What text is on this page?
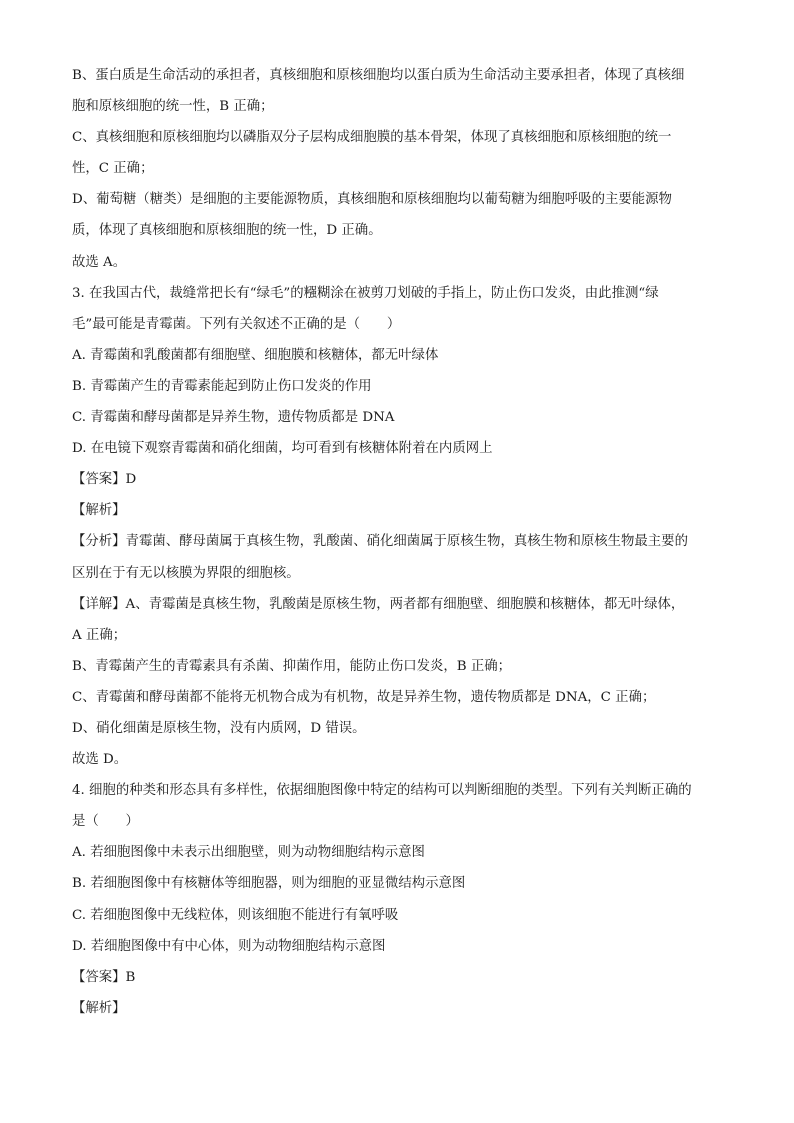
B、蛋白质是生命活动的承担者，真核细胞和原核细胞均以蛋白质为生命活动主要承担者，体现了真核细
胞和原核细胞的统一性，B 正确；
C、真核细胞和原核细胞均以磷脂双分子层构成细胞膜的基本骨架，体现了真核细胞和原核细胞的统一
性，C 正确；
D、葡萄糖（糖类）是细胞的主要能源物质，真核细胞和原核细胞均以葡萄糖为细胞呼吸的主要能源物
质，体现了真核细胞和原核细胞的统一性，D 正确。
故选 A。
3. 在我国古代，裁缝常把长有“绿毛”的糨糊涂在被剪刀划破的手指上，防止伤口发炎，由此推测“绿
毛”最可能是青霉菌。下列有关叙述不正确的是（　　）
A. 青霉菌和乳酸菌都有细胞壁、细胞膜和核糖体，都无叶绿体
B. 青霉菌产生的青霉素能起到防止伤口发炎的作用
C. 青霉菌和酵母菌都是异养生物，遗传物质都是 DNA
D. 在电镜下观察青霉菌和硝化细菌，均可看到有核糖体附着在内质网上
【答案】D
【解析】
【分析】青霉菌、酵母菌属于真核生物，乳酸菌、硝化细菌属于原核生物，真核生物和原核生物最主要的
区别在于有无以核膜为界限的细胞核。
【详解】A、青霉菌是真核生物，乳酸菌是原核生物，两者都有细胞壁、细胞膜和核糖体，都无叶绿体，
A 正确；
B、青霉菌产生的青霉素具有杀菌、抑菌作用，能防止伤口发炎，B 正确；
C、青霉菌和酵母菌都不能将无机物合成为有机物，故是异养生物，遗传物质都是 DNA，C 正确；
D、硝化细菌是原核生物，没有内质网，D 错误。
故选 D。
4. 细胞的种类和形态具有多样性，依据细胞图像中特定的结构可以判断细胞的类型。下列有关判断正确的
是（　　）
A. 若细胞图像中未表示出细胞壁，则为动物细胞结构示意图
B. 若细胞图像中有核糖体等细胞器，则为细胞的亚显微结构示意图
C. 若细胞图像中无线粒体，则该细胞不能进行有氧呼吸
D. 若细胞图像中有中心体，则为动物细胞结构示意图
【答案】B
【解析】
